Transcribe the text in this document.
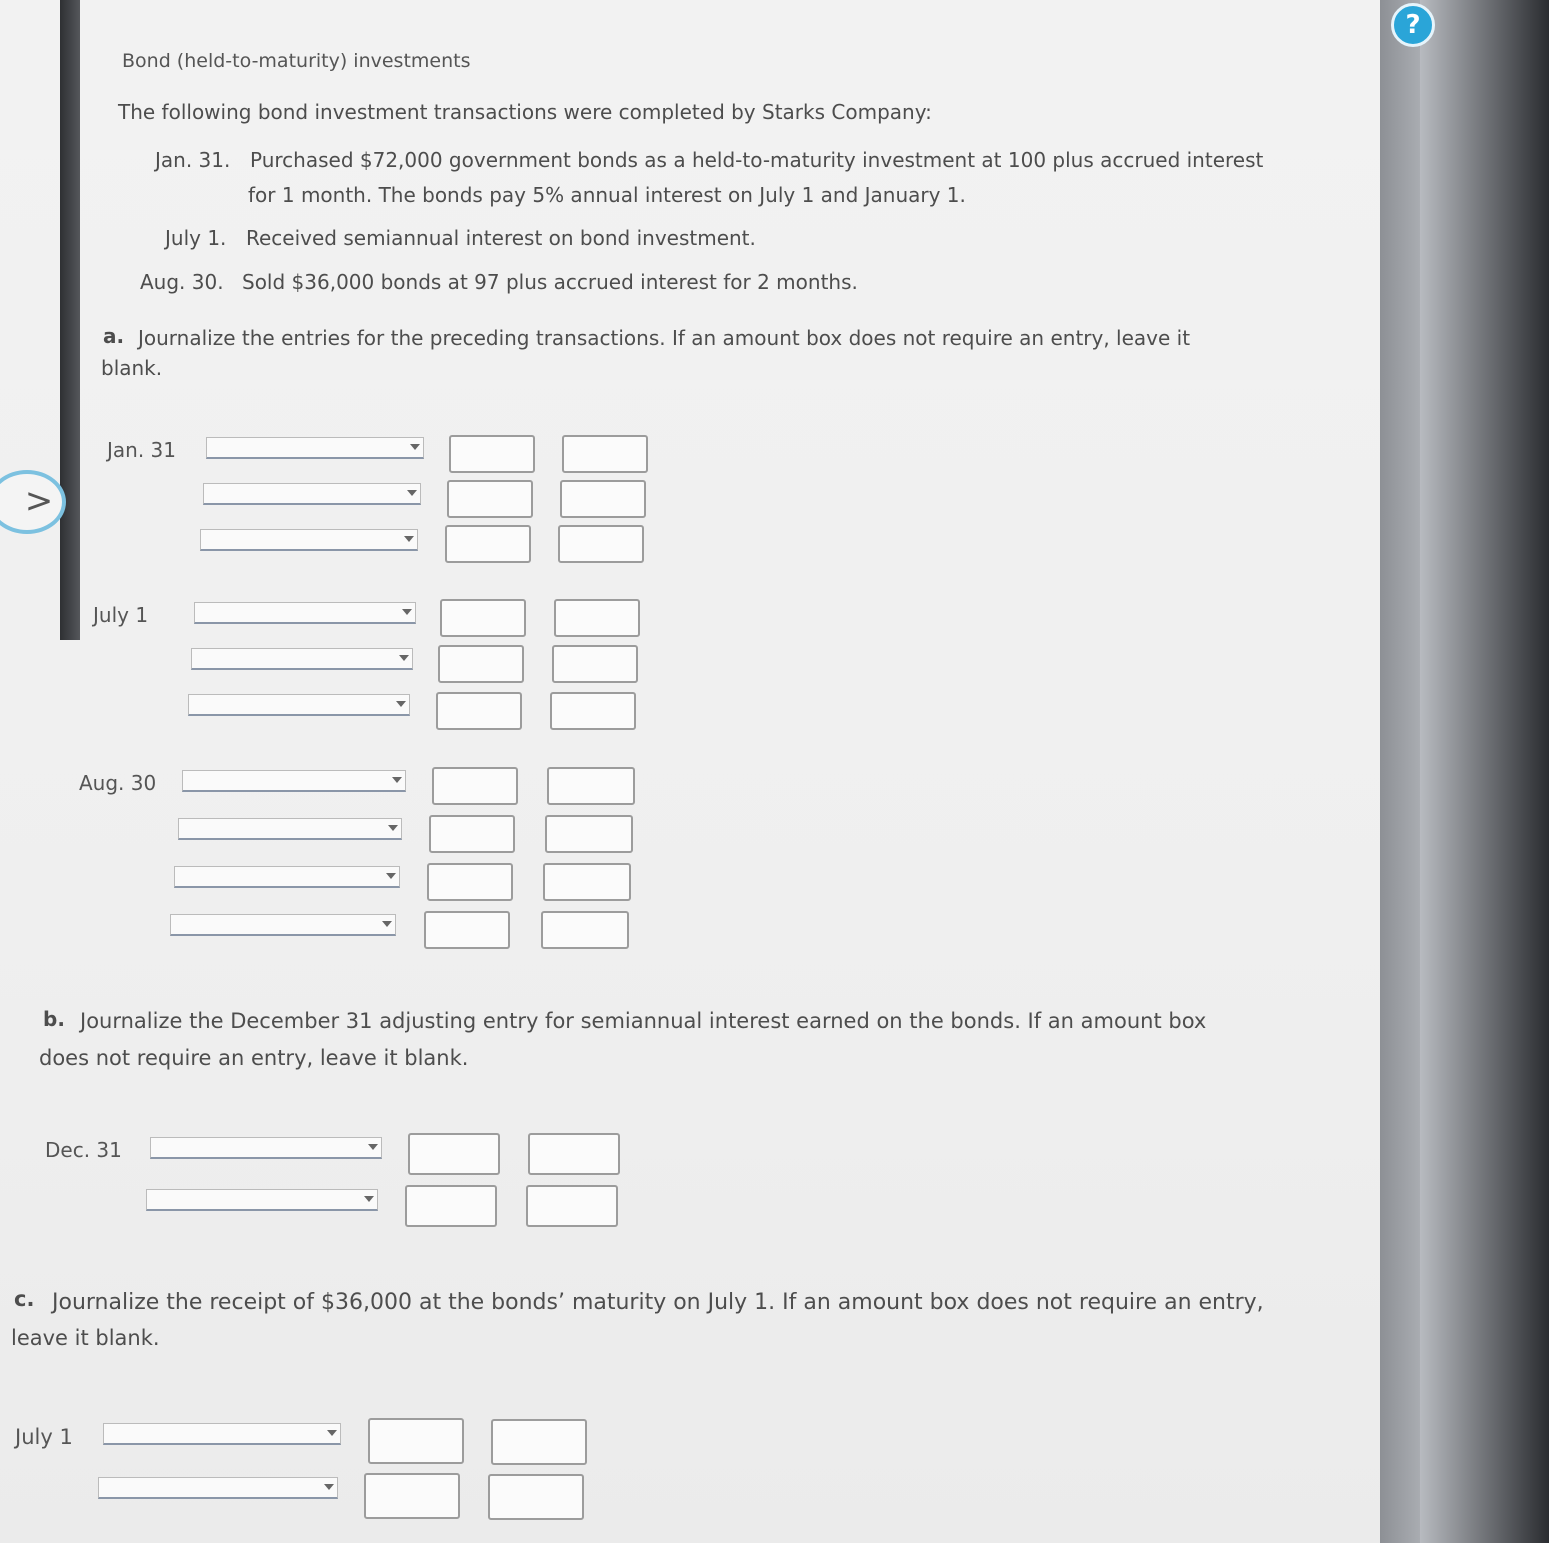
Bond (held-to-maturity) investments
The following bond investment transactions were completed by Starks Company:
Jan. 31. Purchased $72,000 government bonds as a held-to-maturity investment at 100 plus accrued interest
for 1 month. The bonds pay 5% annual interest on July 1 and January 1.
July 1. Received semiannual interest on bond investment.
Aug. 30. Sold $36,000 bonds at 97 plus accrued interest for 2 months.
a. Journalize the entries for the preceding transactions. If an amount box does not require an entry, leave it
blank.
Jan. 31
July 1
Aug. 30
b. Journalize the December 31 adjusting entry for semiannual interest earned on the bonds. If an amount box
does not require an entry, leave it blank.
Dec. 31
c. Journalize the receipt of $36,000 at the bonds’ maturity on July 1. If an amount box does not require an entry,
leave it blank.
July 1
?
>
